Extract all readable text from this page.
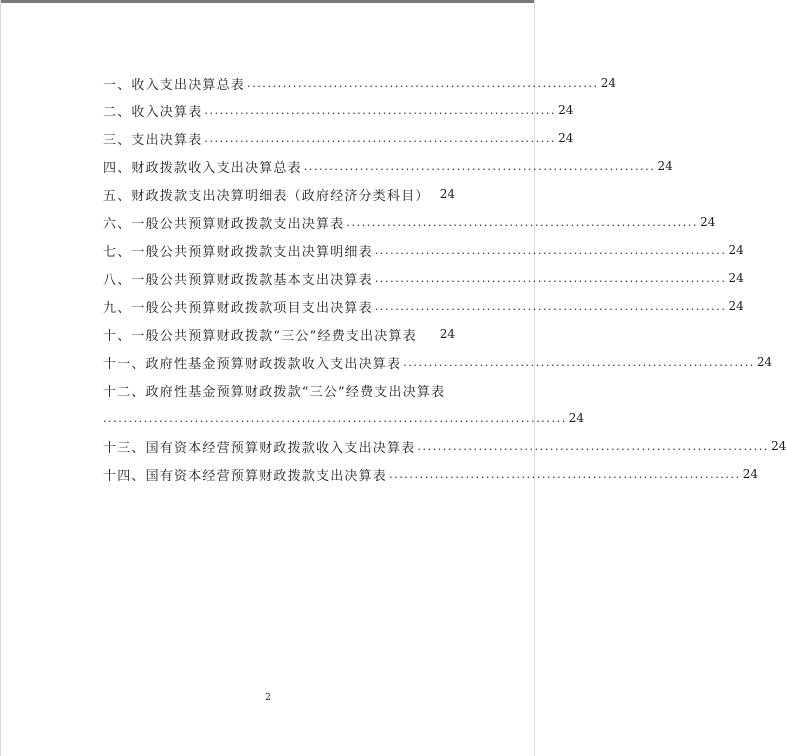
一、收入支出决算总表 ..................................................................... 24
二、收入决算表 ..................................................................... 24
三、支出决算表 ..................................................................... 24
四、财政拨款收入支出决算总表 ..................................................................... 24
五、财政拨款支出决算明细表（政府经济分类科目） 24
六、一般公共预算财政拨款支出决算表 ..................................................................... 24
七、一般公共预算财政拨款支出决算明细表 ..................................................................... 24
八、一般公共预算财政拨款基本支出决算表 ..................................................................... 24
九、一般公共预算财政拨款项目支出决算表 ..................................................................... 24
十、一般公共预算财政拨款“三公”经费支出决算表 24
十一、政府性基金预算财政拨款收入支出决算表 ..................................................................... 24
十二、政府性基金预算财政拨款“三公”经费支出决算表
........................................................................................... 24
十三、国有资本经营预算财政拨款收入支出决算表 ..................................................................... 24
十四、国有资本经营预算财政拨款支出决算表 ..................................................................... 24
2
